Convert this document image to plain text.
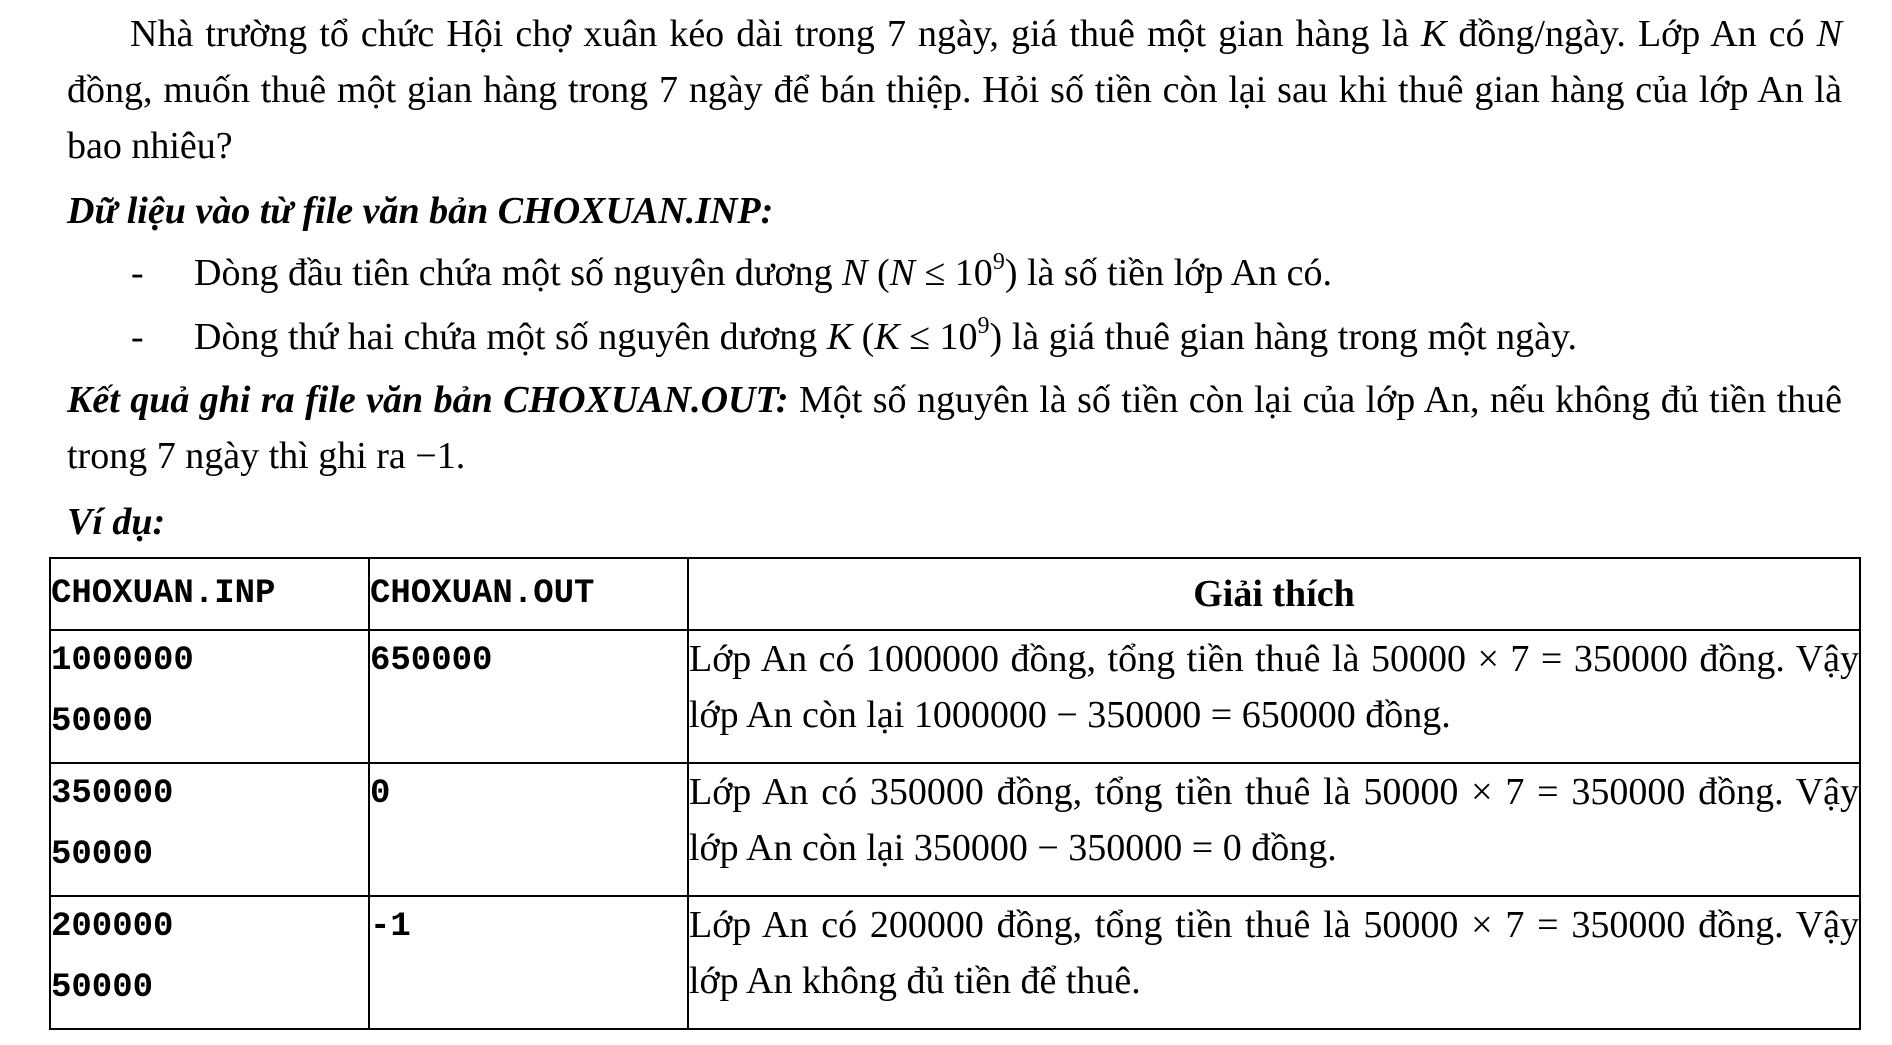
Nhà trường tổ chức Hội chợ xuân kéo dài trong 7 ngày, giá thuê một gian hàng là K đồng/ngày. Lớp An có N đồng, muốn thuê một gian hàng trong 7 ngày để bán thiệp. Hỏi số tiền còn lại sau khi thuê gian hàng của lớp An là bao nhiêu?
Dữ liệu vào từ file văn bản CHOXUAN.INP:
- Dòng đầu tiên chứa một số nguyên dương N $(N \le 10^9)$ là số tiền lớp An có.
- Dòng thứ hai chứa một số nguyên dương K $(K \le 10^9)$ là giá thuê gian hàng trong một ngày.
Kết quả ghi ra file văn bản CHOXUAN.OUT: Một số nguyên là số tiền còn lại của lớp An, nếu không đủ tiền thuê trong 7 ngày thì ghi ra −1.
Ví dụ:
CHOXUAN.INP	CHOXUAN.OUT	Giải thích

1000000
50000	650000	Lớp An có 1000000 đồng, tổng tiền thuê là 50000 × 7 = 350000 đồng. Vậy lớp An còn lại 1000000 − 350000 = 650000 đồng.

350000
50000	0	Lớp An có 350000 đồng, tổng tiền thuê là 50000 × 7 = 350000 đồng. Vậy lớp An còn lại 350000 − 350000 = 0 đồng.

200000
50000	-1	Lớp An có 200000 đồng, tổng tiền thuê là 50000 × 7 = 350000 đồng. Vậy lớp An không đủ tiền để thuê.
